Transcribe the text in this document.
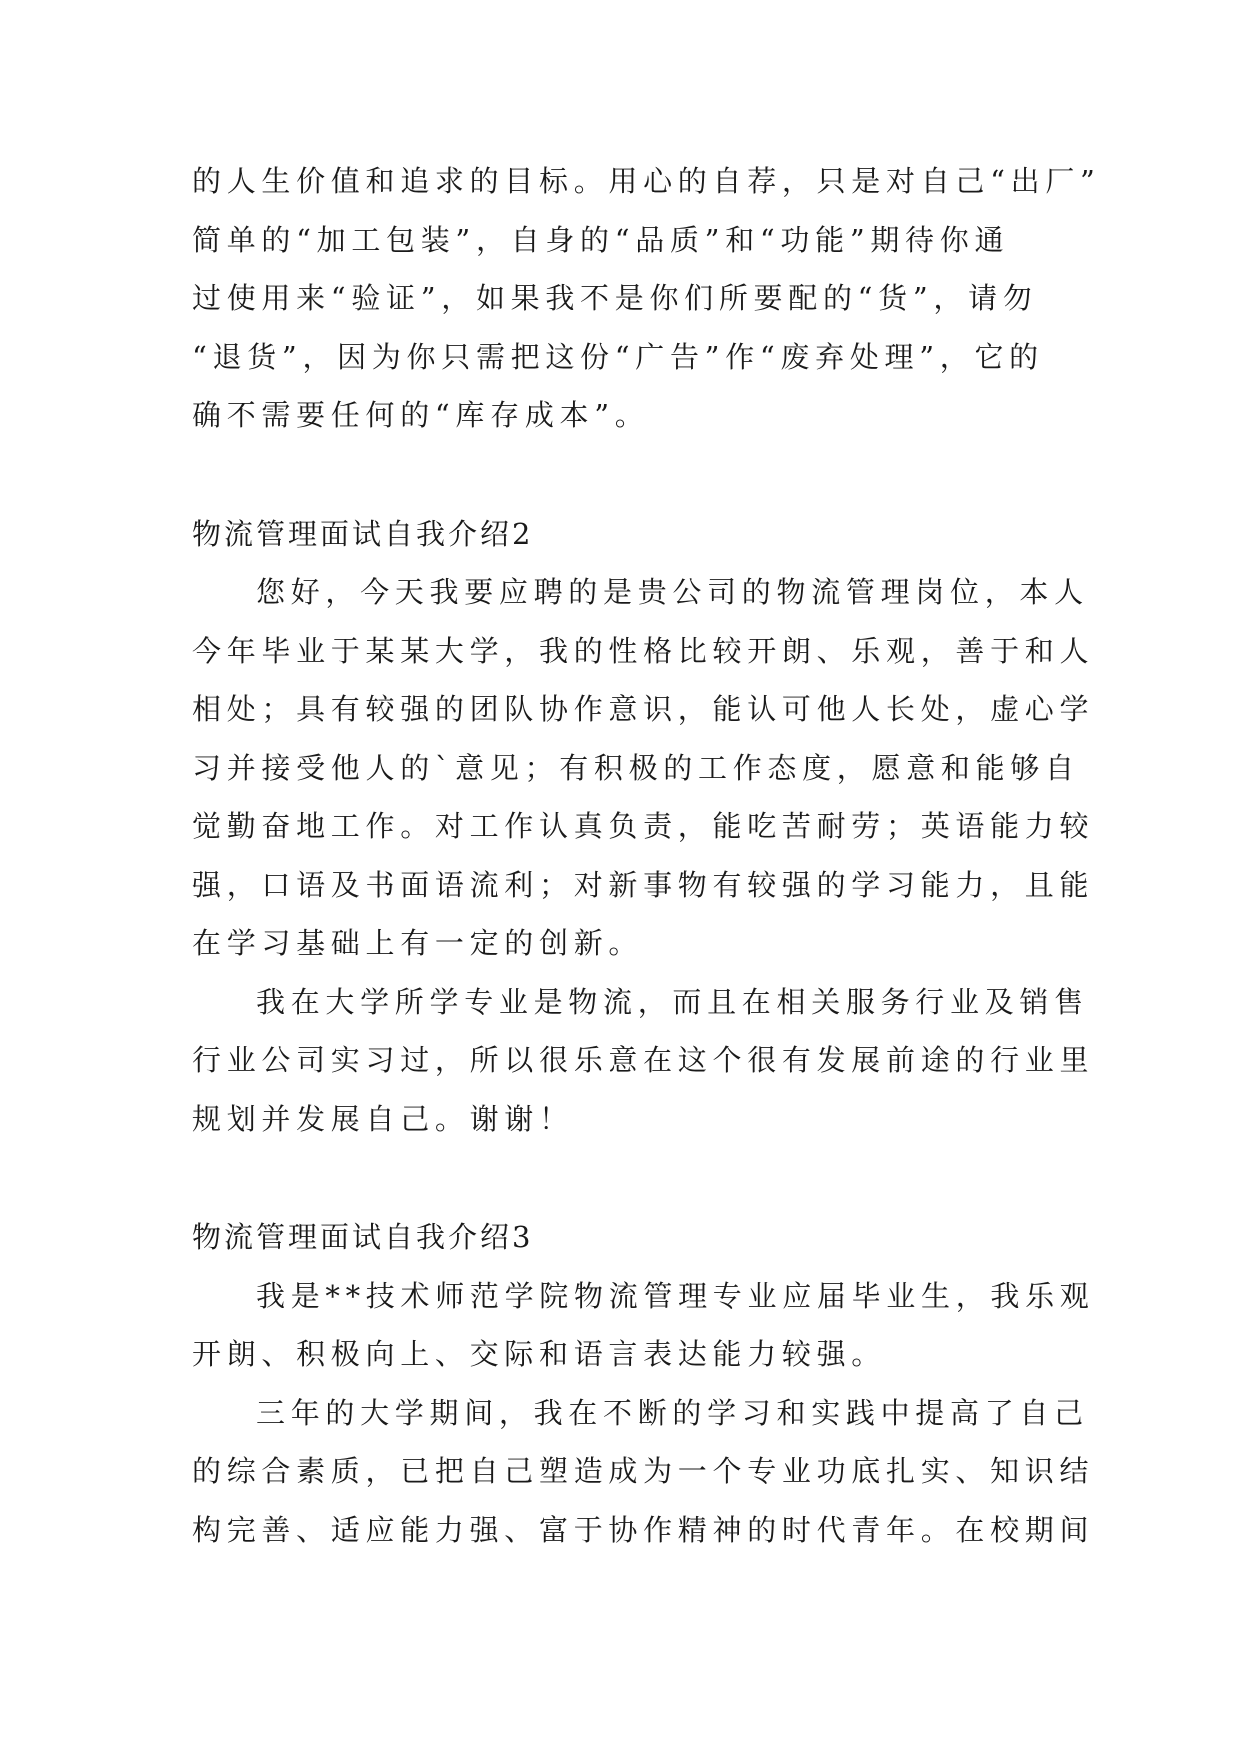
的人生价值和追求的目标。用心的自荐，只是对自己“出厂”
简单的“加工包装”，自身的“品质”和“功能”期待你通
过使用来“验证”，如果我不是你们所要配的“货”，请勿
“退货”，因为你只需把这份“广告”作“废弃处理”，它的
确不需要任何的“库存成本”。
物流管理面试自我介绍2
您好，今天我要应聘的是贵公司的物流管理岗位，本人
今年毕业于某某大学，我的性格比较开朗、乐观，善于和人
相处；具有较强的团队协作意识，能认可他人长处，虚心学
习并接受他人的`意见；有积极的工作态度，愿意和能够自
觉勤奋地工作。对工作认真负责，能吃苦耐劳；英语能力较
强，口语及书面语流利；对新事物有较强的学习能力，且能
在学习基础上有一定的创新。
我在大学所学专业是物流，而且在相关服务行业及销售
行业公司实习过，所以很乐意在这个很有发展前途的行业里
规划并发展自己。谢谢！
物流管理面试自我介绍3
我是**技术师范学院物流管理专业应届毕业生，我乐观
开朗、积极向上、交际和语言表达能力较强。
三年的大学期间，我在不断的学习和实践中提高了自己
的综合素质，已把自己塑造成为一个专业功底扎实、知识结
构完善、适应能力强、富于协作精神的时代青年。在校期间
